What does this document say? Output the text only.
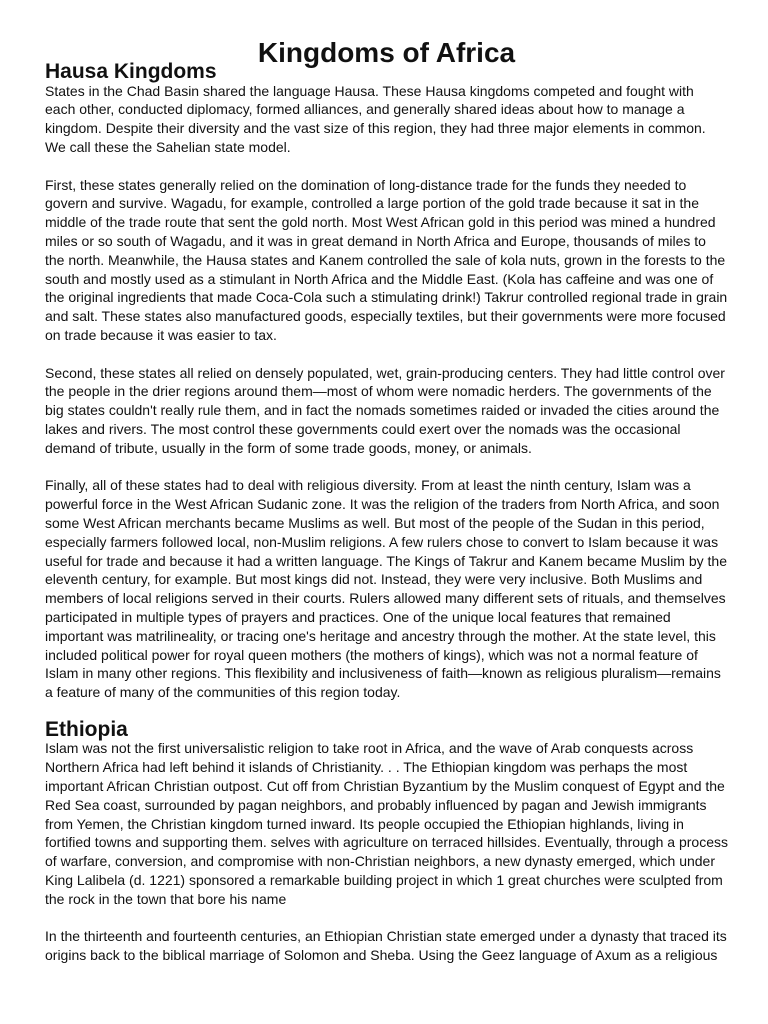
Kingdoms of Africa
Hausa Kingdoms

States in the Chad Basin shared the language Hausa. These Hausa kingdoms competed and fought with each other, conducted diplomacy, formed alliances, and generally shared ideas about how to manage a kingdom. Despite their diversity and the vast size of this region, they had three major elements in common. We call these the Sahelian state model.

First, these states generally relied on the domination of long-distance trade for the funds they needed to govern and survive. Wagadu, for example, controlled a large portion of the gold trade because it sat in the middle of the trade route that sent the gold north. Most West African gold in this period was mined a hundred miles or so south of Wagadu, and it was in great demand in North Africa and Europe, thousands of miles to the north. Meanwhile, the Hausa states and Kanem controlled the sale of kola nuts, grown in the forests to the south and mostly used as a stimulant in North Africa and the Middle East. (Kola has caffeine and was one of the original ingredients that made Coca-Cola such a stimulating drink!) Takrur controlled regional trade in grain and salt. These states also manufactured goods, especially textiles, but their governments were more focused on trade because it was easier to tax.

Second, these states all relied on densely populated, wet, grain-producing centers. They had little control over the people in the drier regions around them—most of whom were nomadic herders. The governments of the big states couldn't really rule them, and in fact the nomads sometimes raided or invaded the cities around the lakes and rivers. The most control these governments could exert over the nomads was the occasional demand of tribute, usually in the form of some trade goods, money, or animals.

Finally, all of these states had to deal with religious diversity. From at least the ninth century, Islam was a powerful force in the West African Sudanic zone. It was the religion of the traders from North Africa, and soon some West African merchants became Muslims as well. But most of the people of the Sudan in this period, especially farmers followed local, non-Muslim religions. A few rulers chose to convert to Islam because it was useful for trade and because it had a written language. The Kings of Takrur and Kanem became Muslim by the eleventh century, for example. But most kings did not. Instead, they were very inclusive. Both Muslims and members of local religions served in their courts. Rulers allowed many different sets of rituals, and themselves participated in multiple types of prayers and practices. One of the unique local features that remained important was matrilineality, or tracing one's heritage and ancestry through the mother. At the state level, this included political power for royal queen mothers (the mothers of kings), which was not a normal feature of Islam in many other regions. This flexibility and inclusiveness of faith—known as religious pluralism—remains a feature of many of the communities of this region today.

Ethiopia

Islam was not the first universalistic religion to take root in Africa, and the wave of Arab conquests across Northern Africa had left behind it islands of Christianity. . . The Ethiopian kingdom was perhaps the most important African Christian outpost. Cut off from Christian Byzantium by the Muslim conquest of Egypt and the Red Sea coast, surrounded by pagan neighbors, and probably influenced by pagan and Jewish immigrants from Yemen, the Christian kingdom turned inward. Its people occupied the Ethiopian highlands, living in fortified towns and supporting them. selves with agriculture on terraced hillsides. Eventually, through a process of warfare, conversion, and compromise with non-Christian neighbors, a new dynasty emerged, which under King Lalibela (d. 1221) sponsored a remarkable building project in which 1 great churches were sculpted from the rock in the town that bore his name

In the thirteenth and fourteenth centuries, an Ethiopian Christian state emerged under a dynasty that traced its origins back to the biblical marriage of Solomon and Sheba. Using the Geez language of Axum as a religious
